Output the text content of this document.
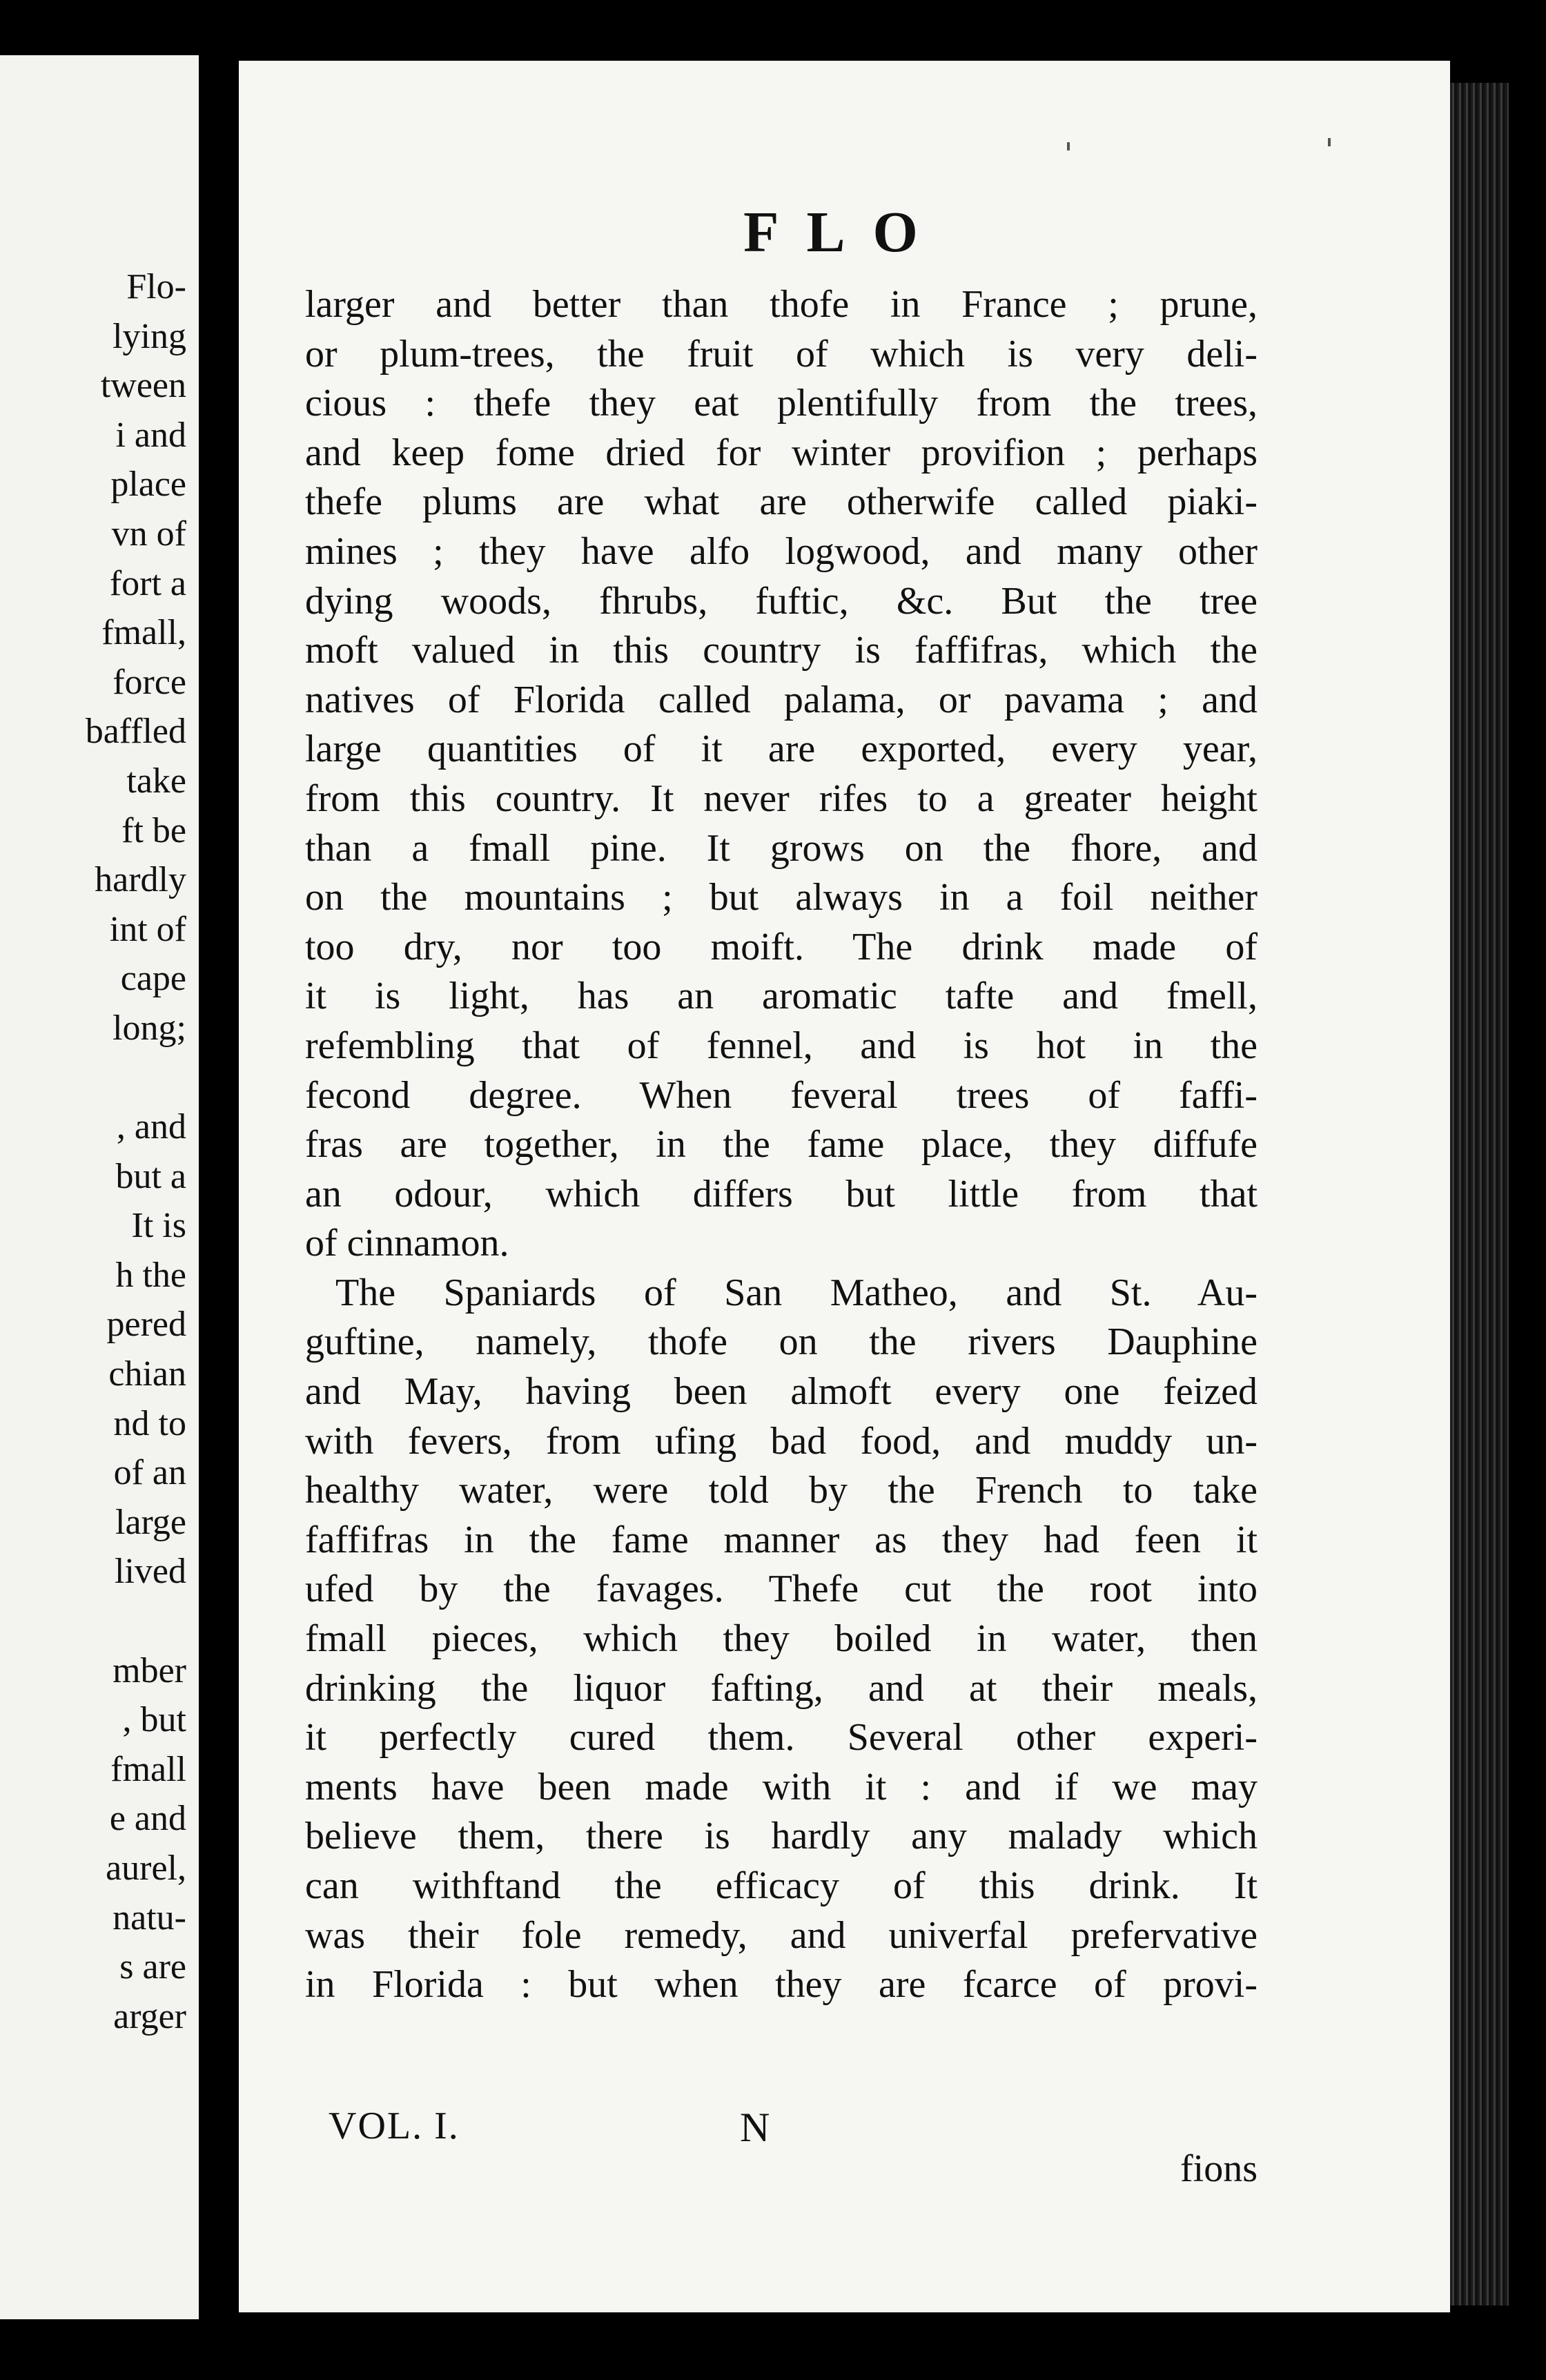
Flo-
lying
tween
i and
place
vn of
fort a
fmall,
force
baffled
take
ft be
hardly
int of
cape
long;
, and
but a
It is
h the
pered
chian
nd to
of an
large
lived
mber
, but
fmall
e and
aurel,
natu-
s are
arger
FLO
larger and better than thofe in France ; prune,
or plum-trees, the fruit of which is very deli-
cious : thefe they eat plentifully from the trees,
and keep fome dried for winter provifion ; perhaps
thefe plums are what are otherwife called piaki-
mines ; they have alfo logwood, and many other
dying woods, fhrubs, fuftic, &c. But the tree
moft valued in this country is faffifras, which the
natives of Florida called palama, or pavama ; and
large quantities of it are exported, every year,
from this country. It never rifes to a greater height
than a fmall pine. It grows on the fhore, and
on the mountains ; but always in a foil neither
too dry, nor too moift. The drink made of
it is light, has an aromatic tafte and fmell,
refembling that of fennel, and is hot in the
fecond degree. When feveral trees of faffi-
fras are together, in the fame place, they diffufe
an odour, which differs but little from that
of cinnamon.
The Spaniards of San Matheo, and St. Au-
guftine, namely, thofe on the rivers Dauphine
and May, having been almoft every one feized
with fevers, from ufing bad food, and muddy un-
healthy water, were told by the French to take
faffifras in the fame manner as they had feen it
ufed by the favages. Thefe cut the root into
fmall pieces, which they boiled in water, then
drinking the liquor fafting, and at their meals,
it perfectly cured them. Several other experi-
ments have been made with it : and if we may
believe them, there is hardly any malady which
can withftand the efficacy of this drink. It
was their fole remedy, and univerfal prefervative
in Florida : but when they are fcarce of provi-
VOL. I.	N
fions
